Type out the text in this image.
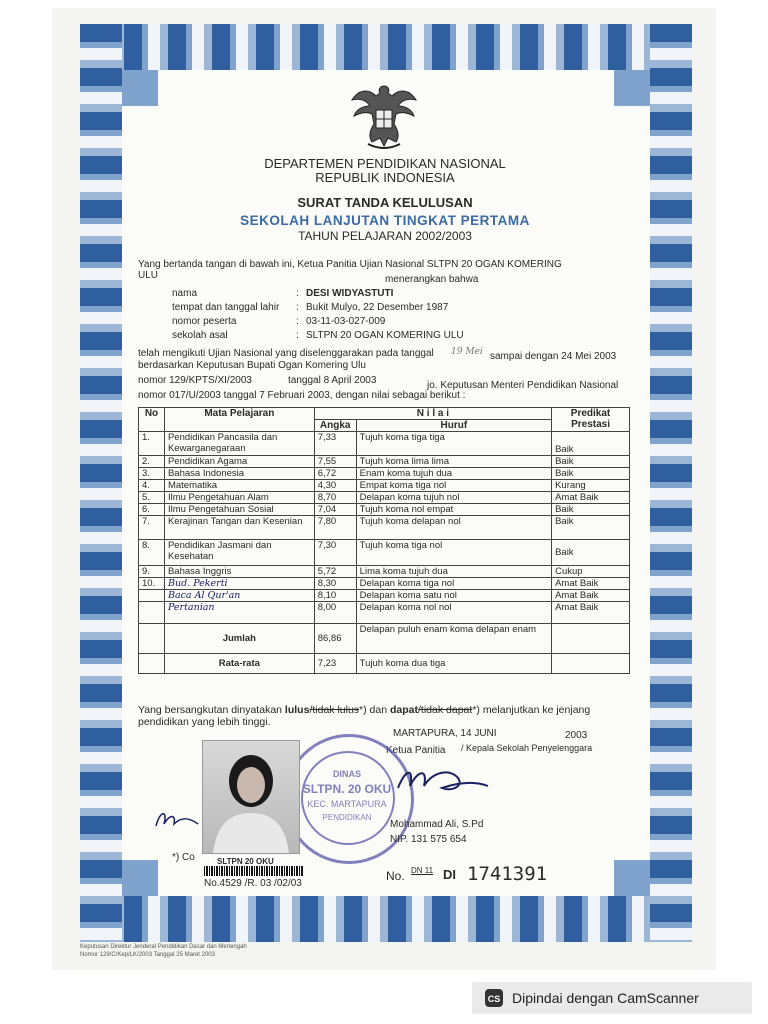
DEPARTEMEN PENDIDIKAN NASIONAL
REPUBLIK INDONESIA
SURAT TANDA KELULUSAN
SEKOLAH LANJUTAN TINGKAT PERTAMA
TAHUN PELAJARAN 2002/2003
Yang bertanda tangan di bawah ini, Ketua Panitia Ujian Nasional SLTPN 20 OGAN KOMERING
ULU	menerangkan bahwa
nama	: DESI WIDYASTUTI
tempat dan tanggal lahir : Bukit Mulyo, 22 Desember 1987
nomor peserta	: 03-11-03-027-009
sekolah asal	: SLTPN 20 OGAN KOMERING ULU
telah mengikuti Ujian Nasional yang diselenggarakan pada tanggal 19 Mei sampai dengan 24 Mei 2003
berdasarkan Keputusan Bupati Ogan Komering Ulu
nomor 129/KPTS/XI/2003	tanggal 8 April 2003	jo. Keputusan Menteri Pendidikan Nasional
nomor 017/U/2003 tanggal 7 Februari 2003, dengan nilai sebagai berikut :
No	Mata Pelajaran	N i l a i		Predikat Prestasi
		Angka	Huruf	
1.	Pendidikan Pancasila dan Kewarganegaraan	7,33	Tujuh koma tiga tiga	Baik
2.	Pendidikan Agama	7,55	Tujuh koma lima lima	Baik
3.	Bahasa Indonesia	6,72	Enam koma tujuh dua	Baik
4.	Matematika	4,30	Empat koma tiga nol	Kurang
5.	Ilmu Pengetahuan Alam	8,70	Delapan koma tujuh nol	Amat Baik
6.	Ilmu Pengetahuan Sosial	7,04	Tujuh koma nol empat	Baik
7.	Kerajinan Tangan dan Kesenian	7,80	Tujuh koma delapan nol	Baik
8.	Pendidikan Jasmani dan Kesehatan	7,30	Tujuh koma tiga nol	Baik
9.	Bahasa Inggris	5,72	Lima koma tujuh dua	Cukup
10.	Bud. Pekerti	8,30	Delapan koma tiga nol	Amat Baik
	Baca Al Qur'an	8,10	Delapan koma satu nol	Amat Baik
	Pertanian	8,00	Delapan koma nol nol	Amat Baik
	Jumlah	86,86	Delapan puluh enam koma delapan enam	
	Rata-rata	7,23	Tujuh koma dua tiga	
Yang bersangkutan dinyatakan lulus/tidak lulus*) dan dapat/tidak dapat*) melanjutkan ke jenjang
pendidikan yang lebih tinggi.
MARTAPURA, 14 JUNI	2003
Ketua Panitia / Kepala Sekolah Penyelenggara
DINAS
SLTPN. 20 OKU
KEC. MARTAPURA
PENDIDIKAN
Mohammad Ali, S.Pd
NIP. 131 575 654
*) Co	SLTPN 20 OKU
No.4529 /R. 03 /02/03
No. DN 11 DI 1741391
Keputusan Direktur Jenderal Pendidikan Dasar dan Menengah
Nomor 129/C/Kep/LK/2003 Tanggal 25 Maret 2003
CS Dipindai dengan CamScanner
